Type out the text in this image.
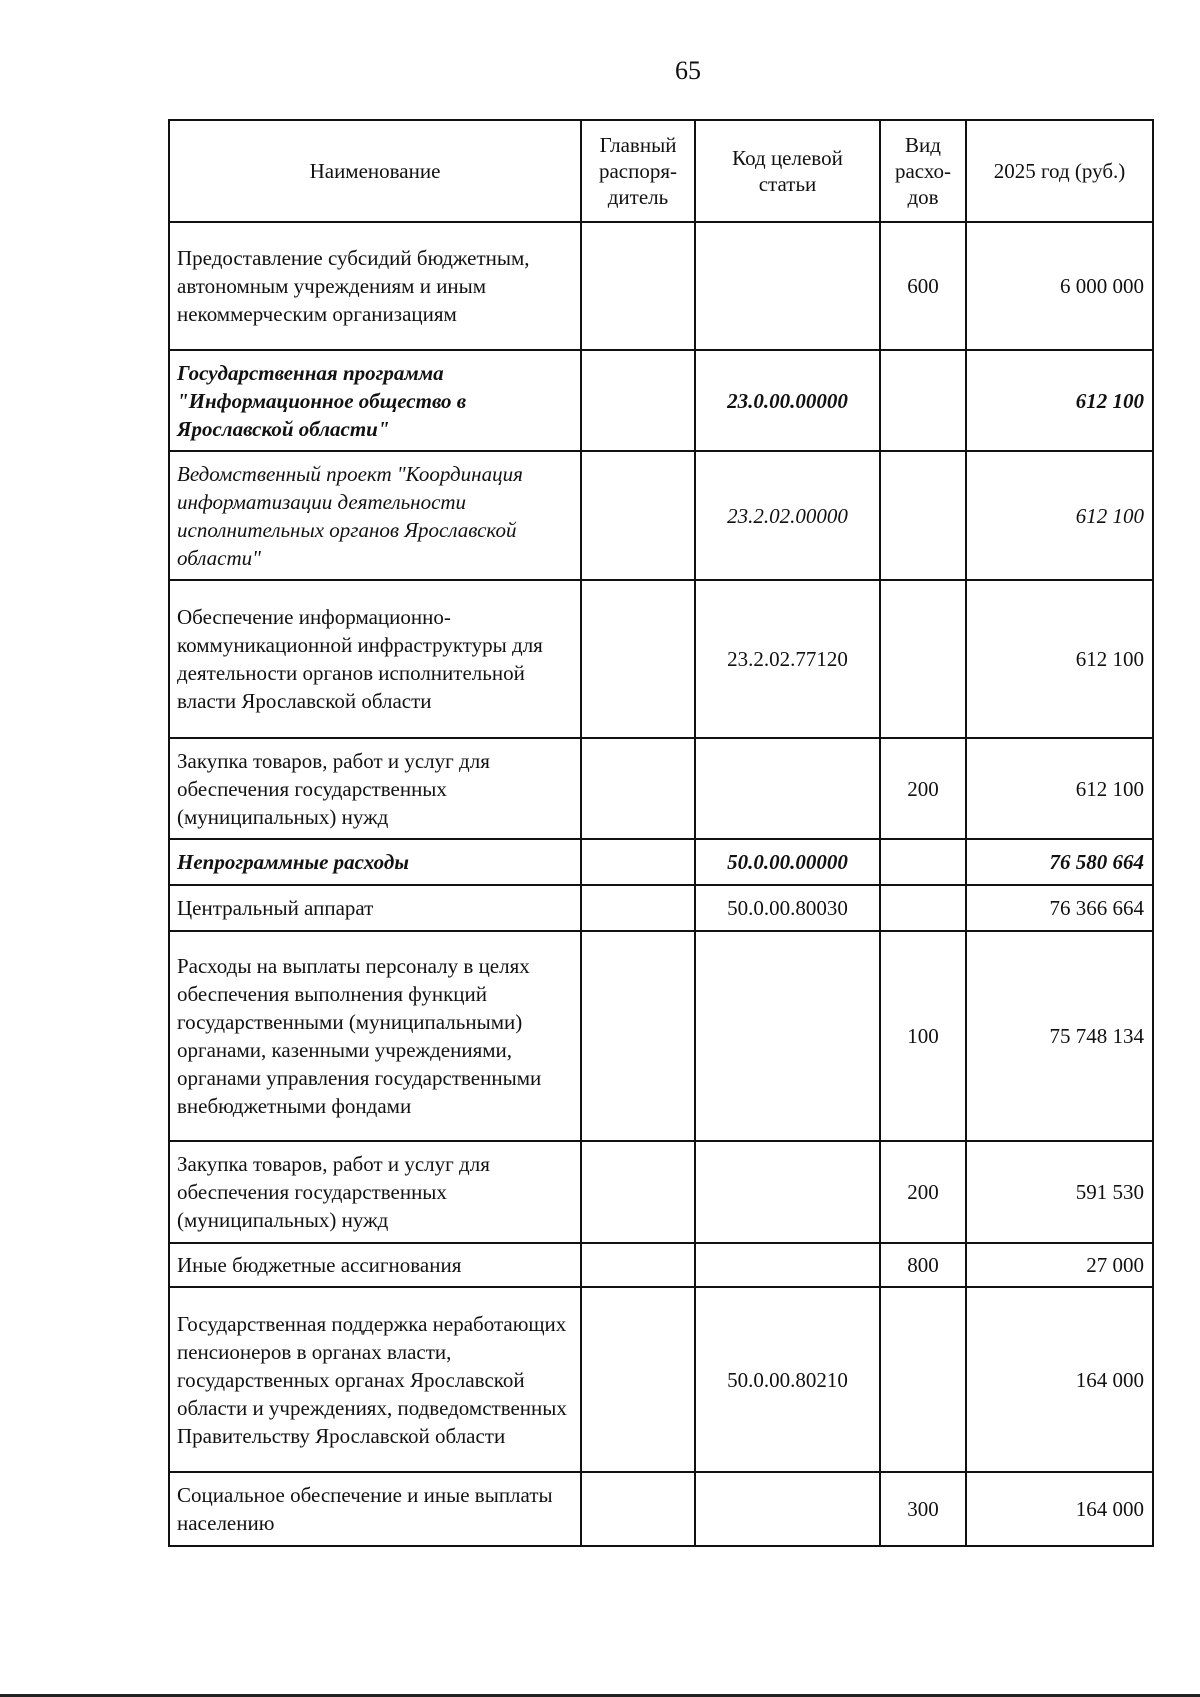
65
Наименование	Главный распоря- дитель	Код целевой статьи	Вид расхо- дов	2025 год (руб.)
Предоставление субсидий бюджетным, автономным учреждениям и иным некоммерческим организациям			600	6 000 000
Государственная программа "Информационное общество в Ярославской области"		23.0.00.00000		612 100
Ведомственный проект "Координация информатизации деятельности исполнительных органов Ярославской области"		23.2.02.00000		612 100
Обеспечение информационно-коммуникационной инфраструктуры для деятельности органов исполнительной власти Ярославской области		23.2.02.77120		612 100
Закупка товаров, работ и услуг для обеспечения государственных (муниципальных) нужд			200	612 100
Непрограммные расходы		50.0.00.00000		76 580 664
Центральный аппарат		50.0.00.80030		76 366 664
Расходы на выплаты персоналу в целях обеспечения выполнения функций государственными (муниципальными) органами, казенными учреждениями, органами управления государственными внебюджетными фондами			100	75 748 134
Закупка товаров, работ и услуг для обеспечения государственных (муниципальных) нужд			200	591 530
Иные бюджетные ассигнования			800	27 000
Государственная поддержка неработающих пенсионеров в органах власти, государственных органах Ярославской области и учреждениях, подведомственных Правительству Ярославской области		50.0.00.80210		164 000
Социальное обеспечение и иные выплаты населению			300	164 000
